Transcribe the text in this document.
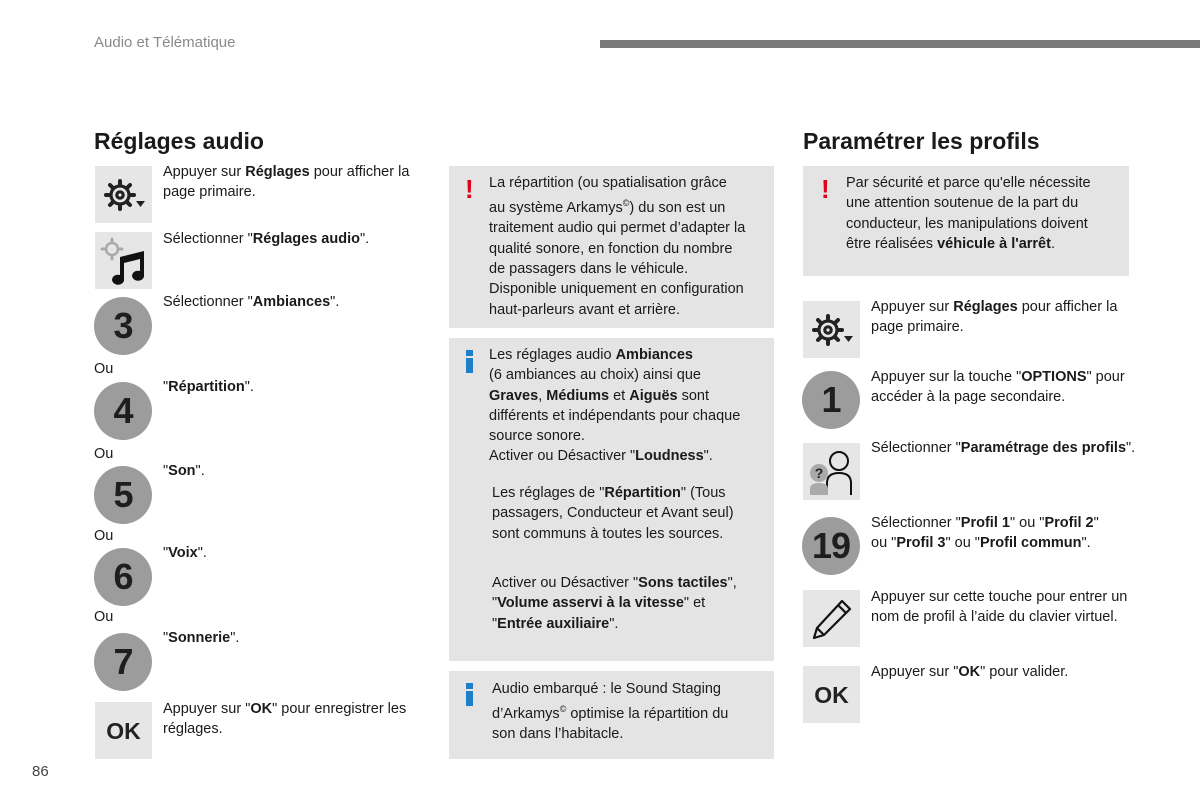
Audio et Télématique
Réglages audio
Appuyer sur Réglages pour afficher la page primaire.
Sélectionner "Réglages audio".
3
Sélectionner "Ambiances".
Ou
4
"Répartition".
Ou
5
"Son".
Ou
6
"Voix".
Ou
7
"Sonnerie".
OK
Appuyer sur "OK" pour enregistrer les réglages.
! La répartition (ou spatialisation grâce
au système Arkamys©) du son est un
traitement audio qui permet d’adapter la
qualité sonore, en fonction du nombre
de passagers dans le véhicule.
Disponible uniquement en configuration
haut-parleurs avant et arrière.
Les réglages audio Ambiances
(6 ambiances au choix) ainsi que
Graves, Médiums et Aiguës sont
différents et indépendants pour chaque
source sonore.
Activer ou Désactiver "Loudness".
Les réglages de "Répartition" (Tous
passagers, Conducteur et Avant seul)
sont communs à toutes les sources.
Activer ou Désactiver "Sons tactiles",
"Volume asservi à la vitesse" et
"Entrée auxiliaire".
Audio embarqué : le Sound Staging
d’Arkamys© optimise la répartition du
son dans l’habitacle.
Paramétrer les profils
! Par sécurité et parce qu'elle nécessite
une attention soutenue de la part du
conducteur, les manipulations doivent
être réalisées véhicule à l'arrêt.
Appuyer sur Réglages pour afficher la page primaire.
1
Appuyer sur la touche "OPTIONS" pour accéder à la page secondaire.
?
Sélectionner "Paramétrage des profils".
19
Sélectionner "Profil 1" ou "Profil 2"
ou "Profil 3" ou "Profil commun".
Appuyer sur cette touche pour entrer un nom de profil à l’aide du clavier virtuel.
OK
Appuyer sur "OK" pour valider.
86
